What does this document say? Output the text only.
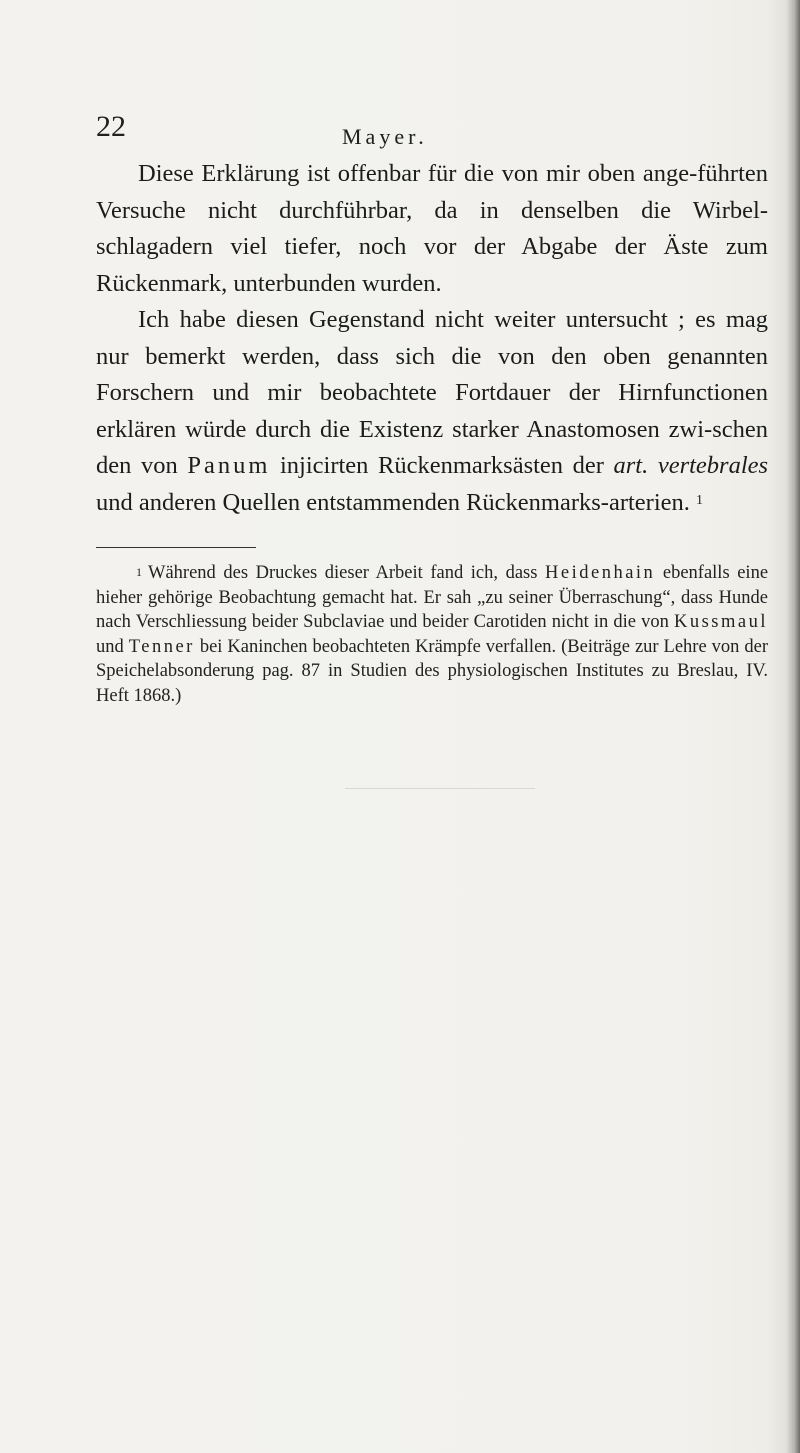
22	Mayer.

Diese Erklärung ist offenbar für die von mir oben ange-führten Versuche nicht durchführbar, da in denselben die Wirbel-schlagadern viel tiefer, noch vor der Abgabe der Äste zum Rückenmark, unterbunden wurden.

Ich habe diesen Gegenstand nicht weiter untersucht ; es mag nur bemerkt werden, dass sich die von den oben genannten Forschern und mir beobachtete Fortdauer der Hirnfunctionen erklären würde durch die Existenz starker Anastomosen zwi-schen den von Panum injicirten Rückenmarksästen der art. vertebrales und anderen Quellen entstammenden Rückenmarks-arterien. $^1$

$^1$ Während des Druckes dieser Arbeit fand ich, dass Heidenhain ebenfalls eine hieher gehörige Beobachtung gemacht hat. Er sah „zu seiner Überraschung“, dass Hunde nach Verschliessung beider Subclaviae und beider Carotiden nicht in die von Kussmaul und Tenner bei Kaninchen beobachteten Krämpfe verfallen. (Beiträge zur Lehre von der Speichelabsonderung pag. 87 in Studien des physiologischen Institutes zu Breslau, IV. Heft 1868.)
